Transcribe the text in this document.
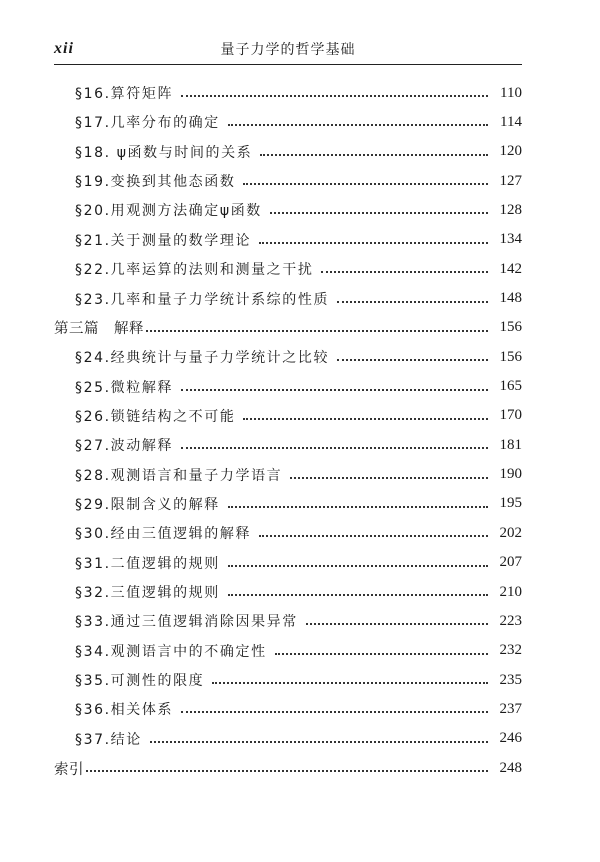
xii	量子力学的哲学基础
§16.算符矩阵	110
§17.几率分布的确定	114
§18. ψ函数与时间的关系	120
§19.变换到其他态函数	127
§20.用观测方法确定ψ函数	128
§21.关于测量的数学理论	134
§22.几率运算的法则和测量之干扰	142
§23.几率和量子力学统计系综的性质	148
第三篇　解释	156
§24.经典统计与量子力学统计之比较	156
§25.微粒解释	165
§26.锁链结构之不可能	170
§27.波动解释	181
§28.观测语言和量子力学语言	190
§29.限制含义的解释	195
§30.经由三值逻辑的解释	202
§31.二值逻辑的规则	207
§32.三值逻辑的规则	210
§33.通过三值逻辑消除因果异常	223
§34.观测语言中的不确定性	232
§35.可测性的限度	235
§36.相关体系	237
§37.结论	246
索引	248
